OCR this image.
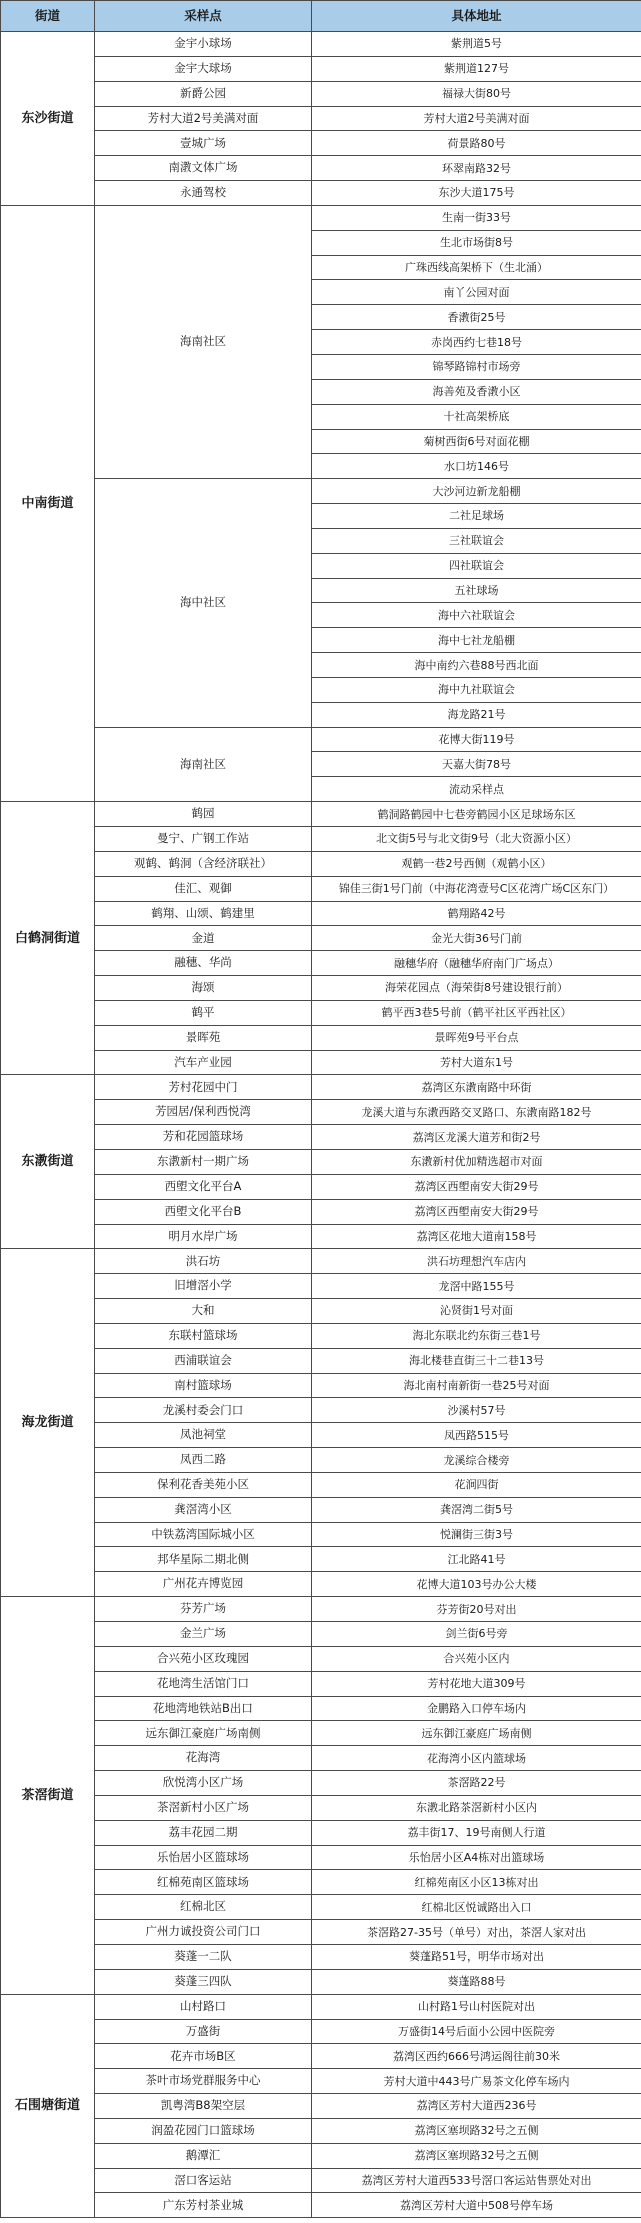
街道	采样点	具体地址
东沙街道	金宇小球场	紫荆道5号
	金宇大球场	紫荆道127号
	新爵公园	福禄大街80号
	芳村大道2号美满对面	芳村大道2号美满对面
	壹城广场	荷景路80号
	南漖文体广场	环翠南路32号
	永通驾校	东沙大道175号
中南街道	海南社区	生南一街33号
		生北市场街8号
		广珠西线高架桥下（生北涌）
		南丫公园对面
		香漖街25号
		赤岗西约七巷18号
		锦琴路锦村市场旁
		海善苑及香漖小区
		十社高架桥底
		菊树西街6号对面花棚
		水口坊146号
	海中社区	大沙河边新龙船棚
		二社足球场
		三社联谊会
		四社联谊会
		五社球场
		海中六社联谊会
		海中七社龙船棚
		海中南约六巷88号西北面
		海中九社联谊会
		海龙路21号
	海南社区	花博大街119号
		天嘉大街78号
		流动采样点
白鹤洞街道	鹤园	鹤洞路鹤园中七巷旁鹤园小区足球场东区
	曼宁、广钢工作站	北文街5号与北文街9号（北大资源小区）
	观鹤、鹤洞（含经济联社）	观鹤一巷2号西侧（观鹤小区）
	佳汇、观御	锦佳三街1号门前（中海花湾壹号C区花湾广场C区东门）
	鹤翔、山颂、鹤建里	鹤翔路42号
	金道	金光大街36号门前
	融穗、华尚	融穗华府（融穗华府南门广场点）
	海颂	海荣花园点（海荣街8号建设银行前）
	鹤平	鹤平西3巷5号前（鹤平社区平西社区）
	景晖苑	景晖苑9号平台点
	汽车产业园	芳村大道东1号
东漖街道	芳村花园中门	荔湾区东漖南路中环街
	芳园居/保利西悦湾	龙溪大道与东漖西路交叉路口、东漖南路182号
	芳和花园篮球场	荔湾区龙溪大道芳和街2号
	东漖新村一期广场	东漖新村优加精选超市对面
	西塱文化平台A	荔湾区西塱南安大街29号
	西塱文化平台B	荔湾区西塱南安大街29号
	明月水岸广场	荔湾区花地大道南158号
海龙街道	洪石坊	洪石坊理想汽车店内
	旧增滘小学	龙滘中路155号
	大和	沁贤街1号对面
	东联村篮球场	海北东联北约东街三巷1号
	西浦联谊会	海北楼巷直街三十二巷13号
	南村篮球场	海北南村南新街一巷25号对面
	龙溪村委会门口	沙溪村57号
	凤池祠堂	凤西路515号
	凤西二路	龙溪综合楼旁
	保利花香美苑小区	花涧四街
	龚滘湾小区	龚滘湾二街5号
	中铁荔湾国际城小区	悦澜街三街3号
	邦华星际二期北侧	江北路41号
	广州花卉博览园	花博大道103号办公大楼
茶滘街道	芬芳广场	芬芳街20号对出
	金兰广场	剑兰街6号旁
	合兴苑小区玫瑰园	合兴苑小区内
	花地湾生活馆门口	芳村花地大道309号
	花地湾地铁站B出口	金鹏路入口停车场内
	远东御江豪庭广场南侧	远东御江豪庭广场南侧
	花海湾	花海湾小区内篮球场
	欣悦湾小区广场	茶滘路22号
	茶滘新村小区广场	东漖北路茶滘新村小区内
	荔丰花园二期	荔丰街17、19号南侧人行道
	乐怡居小区篮球场	乐怡居小区A4栋对出篮球场
	红棉苑南区篮球场	红棉苑南区小区13栋对出
	红棉北区	红棉北区悦诚路出入口
	广州力诚投资公司门口	茶滘路27-35号（单号）对出，茶滘人家对出
	葵蓬一二队	葵蓬路51号，明华市场对出
	葵蓬三四队	葵蓬路88号
石围塘街道	山村路口	山村路1号山村医院对出
	万盛街	万盛街14号后面小公园中医院旁
	花卉市场B区	荔湾区西约666号鸿运阁往前30米
	茶叶市场党群服务中心	芳村大道中443号广易茶文化停车场内
	凯粤湾B8架空层	荔湾区芳村大道西236号
	润盈花园门口篮球场	荔湾区塞坝路32号之五侧
	鹅潭汇	荔湾区塞坝路32号之五侧
	滘口客运站	荔湾区芳村大道西533号滘口客运站售票处对出
	广东芳村茶业城	荔湾区芳村大道中508号停车场
